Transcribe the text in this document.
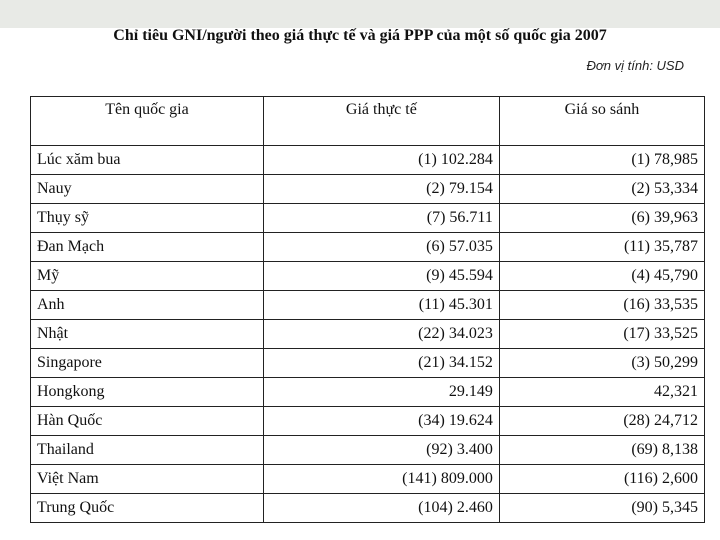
Chỉ tiêu GNI/người theo giá thực tế và giá PPP của một số quốc gia 2007
Đơn vị tính: USD
Tên quốc gia	Giá thực tế	Giá so sánh
Lúc xăm bua	(1) 102.284	(1) 78,985
Nauy	(2) 79.154	(2) 53,334
Thụy sỹ	(7) 56.711	(6) 39,963
Đan Mạch	(6) 57.035	(11) 35,787
Mỹ	(9) 45.594	(4) 45,790
Anh	(11) 45.301	(16) 33,535
Nhật	(22) 34.023	(17) 33,525
Singapore	(21) 34.152	(3) 50,299
Hongkong	29.149	42,321
Hàn Quốc	(34) 19.624	(28) 24,712
Thailand	(92) 3.400	(69) 8,138
Việt Nam	(141) 809.000	(116) 2,600
Trung Quốc	(104) 2.460	(90) 5,345
